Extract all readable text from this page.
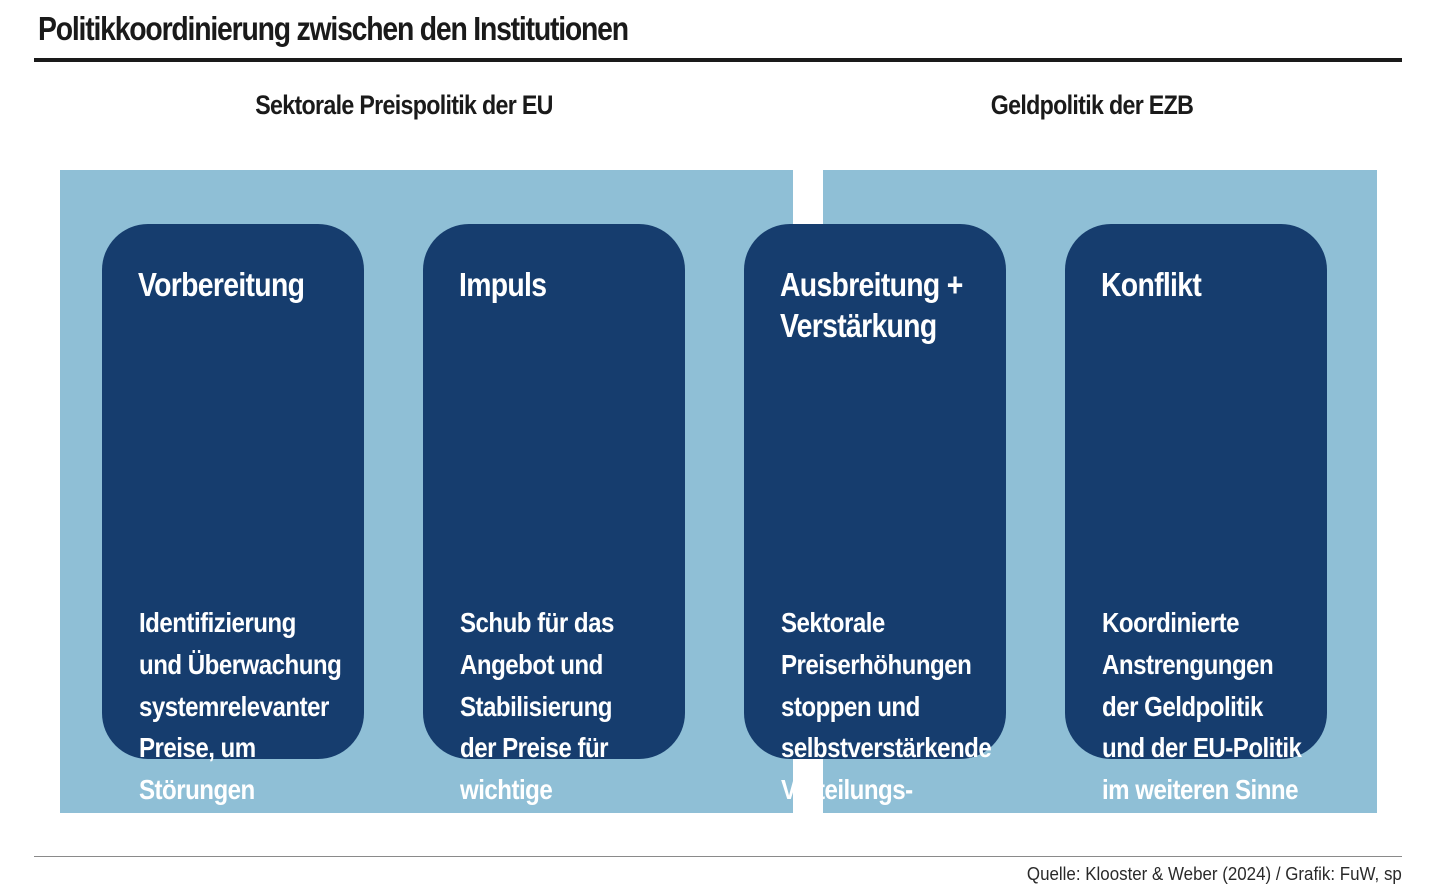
Politikkoordinierung zwischen den Institutionen
Sektorale Preispolitik der EU	Geldpolitik der EZB
Vorbereitung
Identifizierung
und Überwachung
systemrelevanter
Preise, um
Störungen
vorzubeugen
Impuls
Schub für das
Angebot und
Stabilisierung
der Preise für
wichtige
Vorprodukte
Ausbreitung +
Verstärkung
Sektorale
Preiserhöhungen
stoppen und
selbstverstärkende
Verteilungs-
konflikte
vermeiden
Konflikt
Koordinierte
Anstrengungen
der Geldpolitik
und der EU-Politik
im weiteren Sinne
Quelle: Klooster & Weber (2024) / Grafik: FuW, sp
